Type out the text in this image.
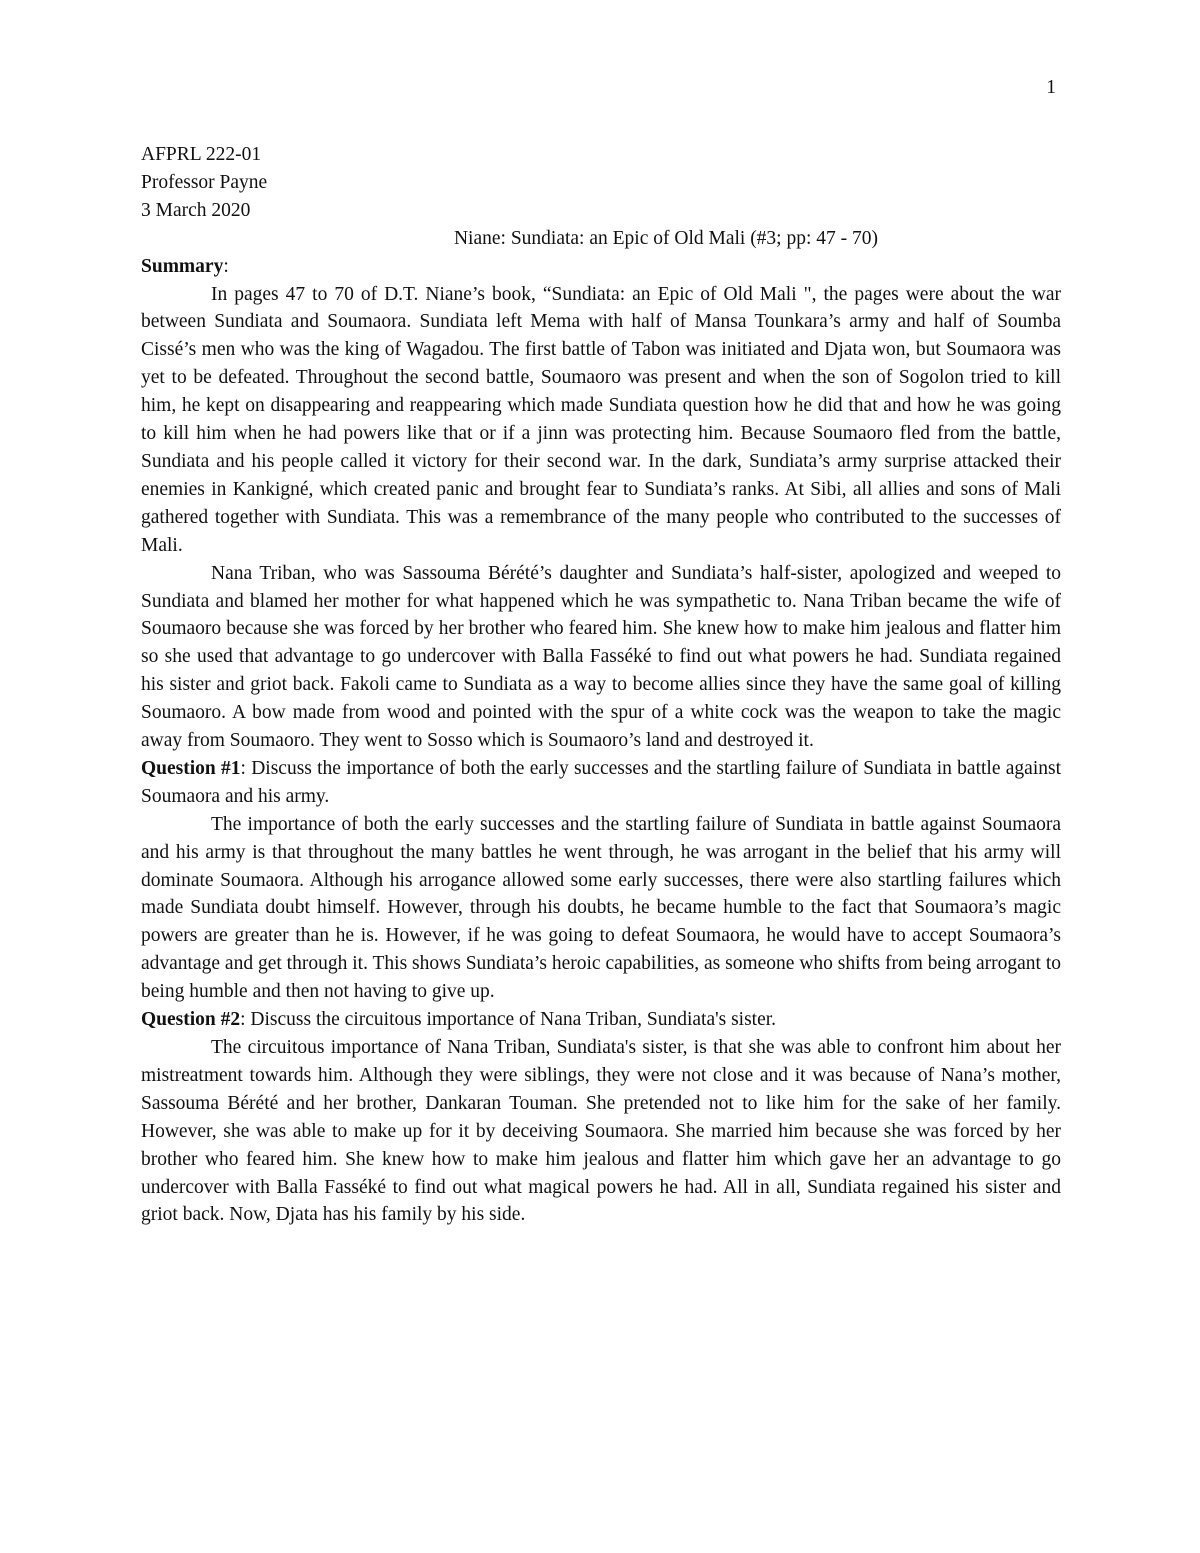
1
AFPRL 222-01
Professor Payne
3 March 2020
Niane: Sundiata: an Epic of Old Mali (#3; pp: 47 - 70)
Summary:

In pages 47 to 70 of D.T. Niane’s book, “Sundiata: an Epic of Old Mali ", the pages were about the war between Sundiata and Soumaora. Sundiata left Mema with half of Mansa Tounkara’s army and half of Soumba Cissé’s men who was the king of Wagadou. The first battle of Tabon was initiated and Djata won, but Soumaora was yet to be defeated. Throughout the second battle, Soumaoro was present and when the son of Sogolon tried to kill him, he kept on disappearing and reappearing which made Sundiata question how he did that and how he was going to kill him when he had powers like that or if a jinn was protecting him. Because Soumaoro fled from the battle, Sundiata and his people called it victory for their second war. In the dark, Sundiata’s army surprise attacked their enemies in Kankigné, which created panic and brought fear to Sundiata’s ranks. At Sibi, all allies and sons of Mali gathered together with Sundiata. This was a remembrance of the many people who contributed to the successes of Mali.

Nana Triban, who was Sassouma Bérété’s daughter and Sundiata’s half-sister, apologized and weeped to Sundiata and blamed her mother for what happened which he was sympathetic to. Nana Triban became the wife of Soumaoro because she was forced by her brother who feared him. She knew how to make him jealous and flatter him so she used that advantage to go undercover with Balla Fasséké to find out what powers he had. Sundiata regained his sister and griot back. Fakoli came to Sundiata as a way to become allies since they have the same goal of killing Soumaoro. A bow made from wood and pointed with the spur of a white cock was the weapon to take the magic away from Soumaoro. They went to Sosso which is Soumaoro’s land and destroyed it.

Question #1: Discuss the importance of both the early successes and the startling failure of Sundiata in battle against Soumaora and his army.

The importance of both the early successes and the startling failure of Sundiata in battle against Soumaora and his army is that throughout the many battles he went through, he was arrogant in the belief that his army will dominate Soumaora. Although his arrogance allowed some early successes, there were also startling failures which made Sundiata doubt himself. However, through his doubts, he became humble to the fact that Soumaora’s magic powers are greater than he is. However, if he was going to defeat Soumaora, he would have to accept Soumaora’s advantage and get through it. This shows Sundiata’s heroic capabilities, as someone who shifts from being arrogant to being humble and then not having to give up.

Question #2: Discuss the circuitous importance of Nana Triban, Sundiata's sister.

The circuitous importance of Nana Triban, Sundiata's sister, is that she was able to confront him about her mistreatment towards him. Although they were siblings, they were not close and it was because of Nana’s mother, Sassouma Bérété and her brother, Dankaran Touman. She pretended not to like him for the sake of her family. However, she was able to make up for it by deceiving Soumaora. She married him because she was forced by her brother who feared him. She knew how to make him jealous and flatter him which gave her an advantage to go undercover with Balla Fasséké to find out what magical powers he had. All in all, Sundiata regained his sister and griot back. Now, Djata has his family by his side.
